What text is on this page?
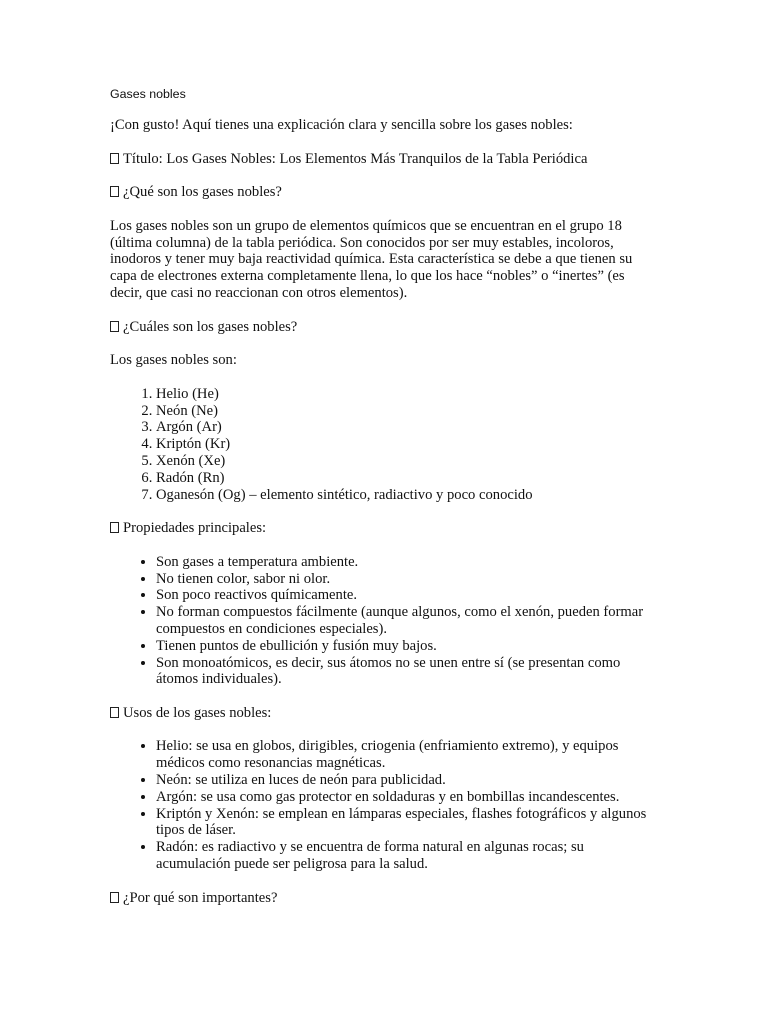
Gases nobles

¡Con gusto! Aquí tienes una explicación clara y sencilla sobre los gases nobles:

Título: Los Gases Nobles: Los Elementos Más Tranquilos de la Tabla Periódica

¿Qué son los gases nobles?

Los gases nobles son un grupo de elementos químicos que se encuentran en el grupo 18 (última columna) de la tabla periódica. Son conocidos por ser muy estables, incoloros, inodoros y tener muy baja reactividad química. Esta característica se debe a que tienen su capa de electrones externa completamente llena, lo que los hace “nobles” o “inertes” (es decir, que casi no reaccionan con otros elementos).

¿Cuáles son los gases nobles?

Los gases nobles son:

1. Helio (He)
2. Neón (Ne)
3. Argón (Ar)
4. Kriptón (Kr)
5. Xenón (Xe)
6. Radón (Rn)
7. Oganesón (Og) – elemento sintético, radiactivo y poco conocido

Propiedades principales:

• Son gases a temperatura ambiente.
• No tienen color, sabor ni olor.
• Son poco reactivos químicamente.
• No forman compuestos fácilmente (aunque algunos, como el xenón, pueden formar compuestos en condiciones especiales).
• Tienen puntos de ebullición y fusión muy bajos.
• Son monoatómicos, es decir, sus átomos no se unen entre sí (se presentan como átomos individuales).

Usos de los gases nobles:

• Helio: se usa en globos, dirigibles, criogenia (enfriamiento extremo), y equipos médicos como resonancias magnéticas.
• Neón: se utiliza en luces de neón para publicidad.
• Argón: se usa como gas protector en soldaduras y en bombillas incandescentes.
• Kriptón y Xenón: se emplean en lámparas especiales, flashes fotográficos y algunos tipos de láser.
• Radón: es radiactivo y se encuentra de forma natural en algunas rocas; su acumulación puede ser peligrosa para la salud.

¿Por qué son importantes?
